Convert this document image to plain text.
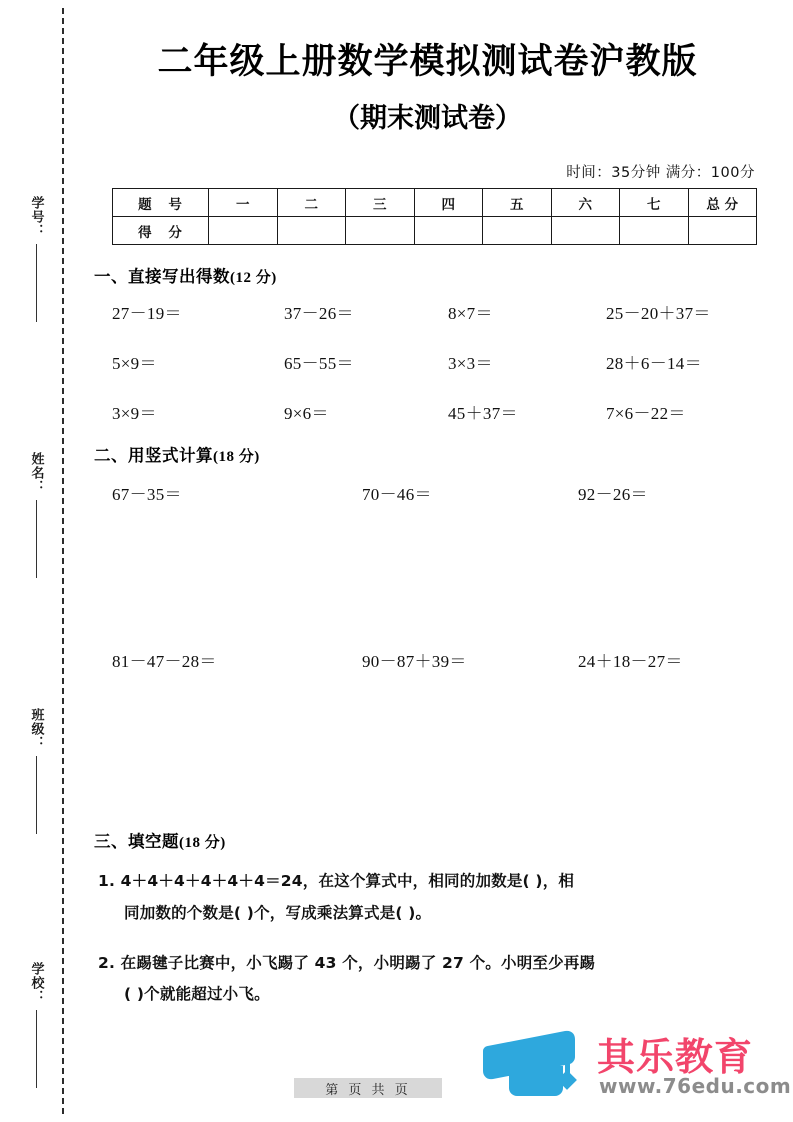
学号：
姓名：
班级：
学校：
二年级上册数学模拟测试卷沪教版
（期末测试卷）
时间：35分钟 满分：100分
题 号	一	二	三	四	五	六	七	总 分
得 分								
一、直接写出得数(12 分)
27－19＝	37－26＝	8×7＝	25－20＋37＝
5×9＝	65－55＝	3×3＝	28＋6－14＝
3×9＝	9×6＝	45＋37＝	7×6－22＝
二、用竖式计算(18 分)
67－35＝	70－46＝	92－26＝
81－47－28＝	90－87＋39＝	24＋18－27＝
三、填空题(18 分)
1. 4＋4＋4＋4＋4＋4＝24，在这个算式中，相同的加数是( )，相
同加数的个数是( )个，写成乘法算式是( )。
2. 在踢毽子比赛中，小飞踢了 43 个，小明踢了 27 个。小明至少再踢
( )个就能超过小飞。
第 页 共 页
其乐教育
www.76edu.com
